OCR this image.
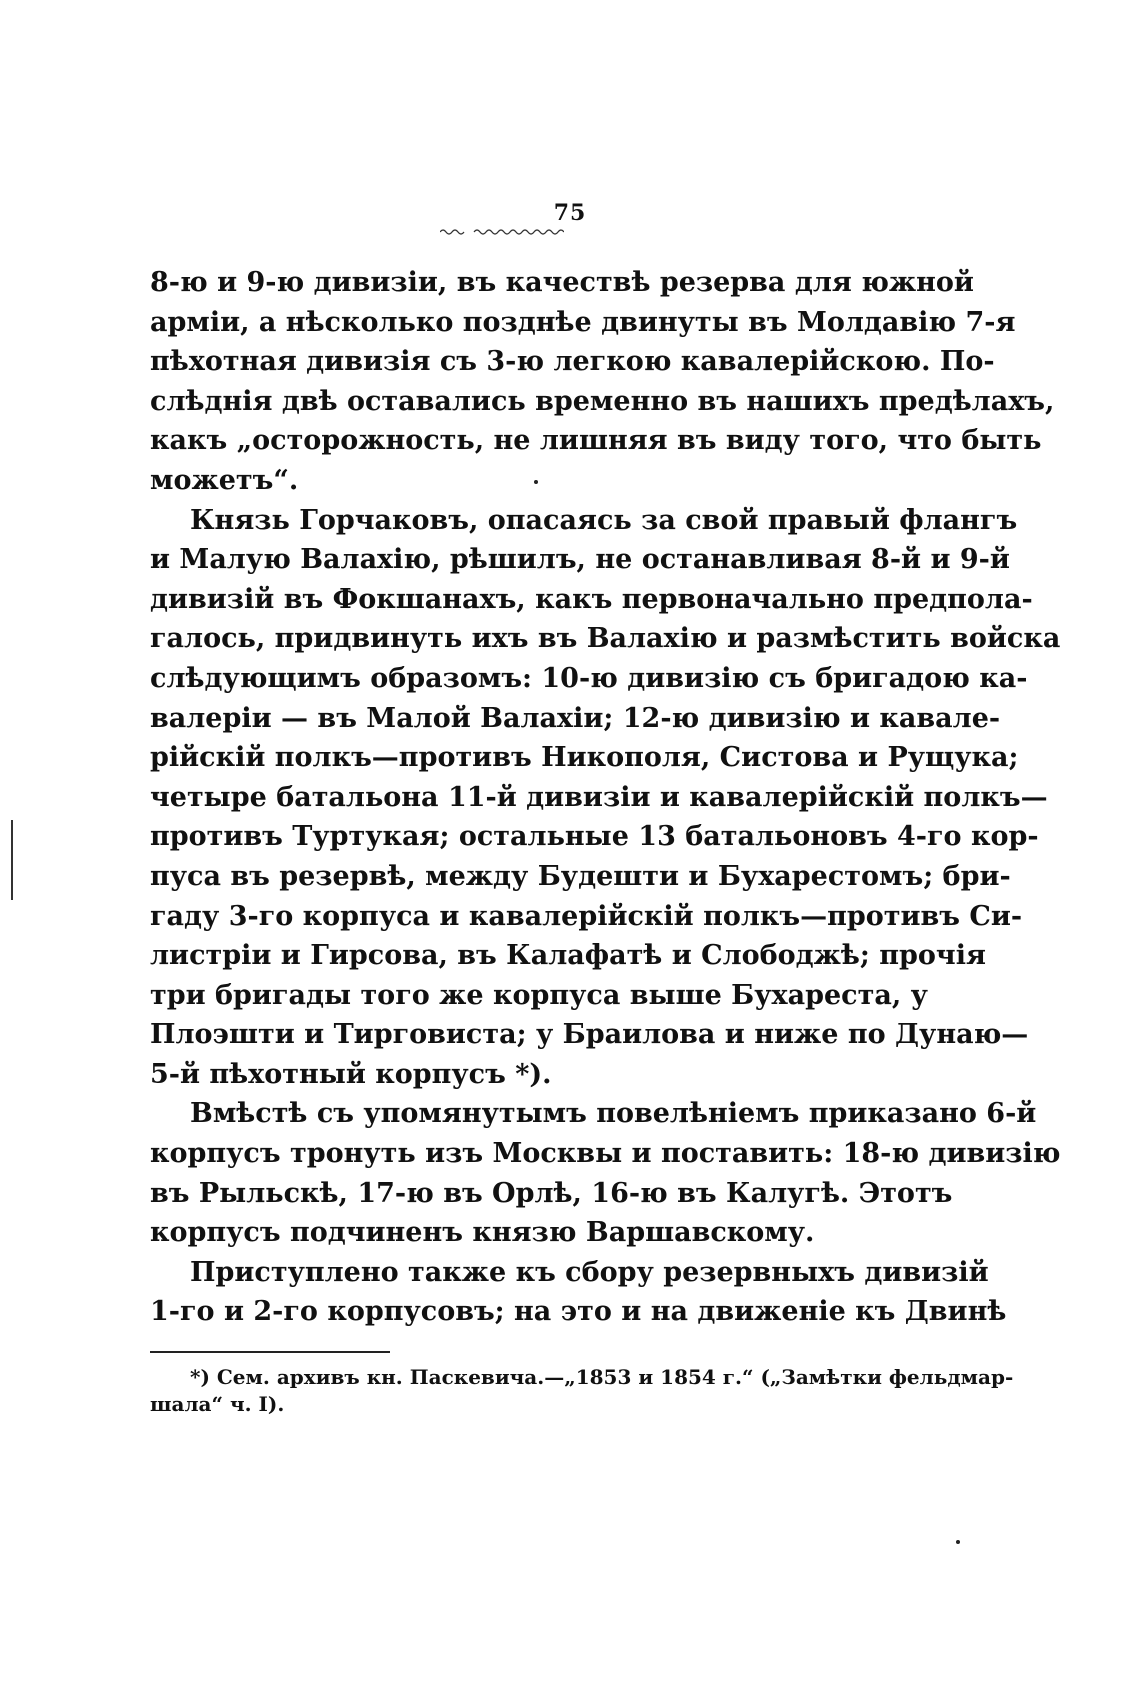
75
8-ю и 9-ю дивизіи, въ качествѣ резерва для южной
арміи, а нѣсколько позднѣе двинуты въ Молдавію 7-я
пѣхотная дивизія съ 3-ю легкою кавалерійскою. По-
слѣднія двѣ оставались временно въ нашихъ предѣлахъ,
какъ „осторожность, не лишняя въ виду того, что быть
можетъ“.
Князь Горчаковъ, опасаясь за свой правый флангъ
и Малую Валахію, рѣшилъ, не останавливая 8-й и 9-й
дивизій въ Фокшанахъ, какъ первоначально предпола-
галось, придвинуть ихъ въ Валахію и размѣстить войска
слѣдующимъ образомъ: 10-ю дивизію съ бригадою ка-
валеріи — въ Малой Валахіи; 12-ю дивизію и кавале-
рійскій полкъ—противъ Никополя, Систова и Рущука;
четыре батальона 11-й дивизіи и кавалерійскій полкъ—
противъ Туртукая; остальные 13 батальоновъ 4-го кор-
пуса въ резервѣ, между Будешти и Бухарестомъ; бри-
гаду 3-го корпуса и кавалерійскій полкъ—противъ Си-
листріи и Гирсова, въ Калафатѣ и Слободжѣ; прочія
три бригады того же корпуса выше Бухареста, у
Плоэшти и Тирговиста; у Браилова и ниже по Дунаю—
5-й пѣхотный корпусъ *).
Вмѣстѣ съ упомянутымъ повелѣніемъ приказано 6-й
корпусъ тронуть изъ Москвы и поставить: 18-ю дивизію
въ Рыльскѣ, 17-ю въ Орлѣ, 16-ю въ Калугѣ. Этотъ
корпусъ подчиненъ князю Варшавскому.
Приступлено также къ сбору резервныхъ дивизій
1-го и 2-го корпусовъ; на это и на движеніе къ Двинѣ
*) Сем. архивъ кн. Паскевича.—„1853 и 1854 г.“ („Замѣтки фельдмар-
шала“ ч. I).
